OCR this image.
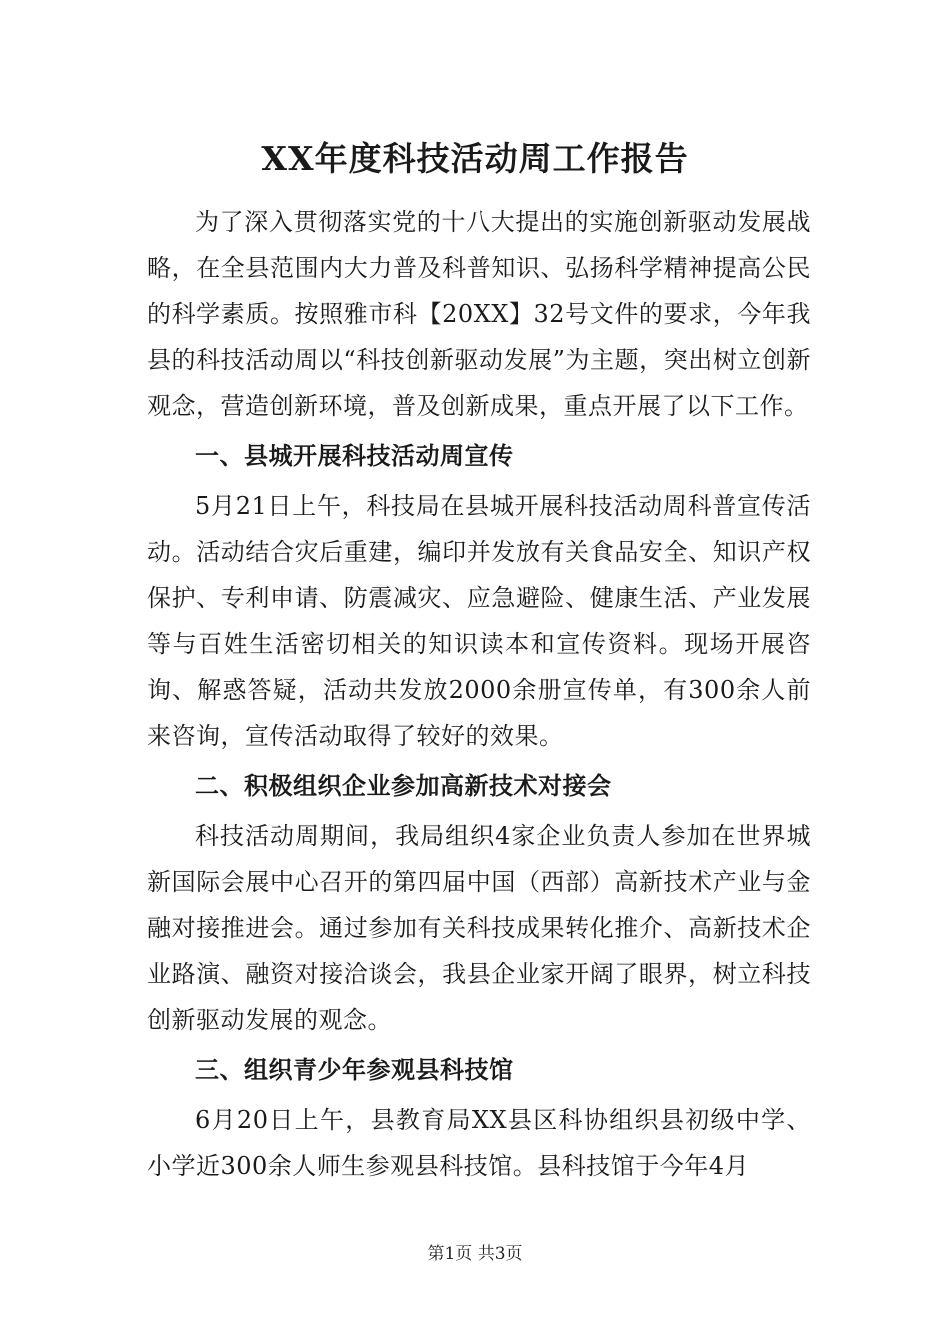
XX年度科技活动周工作报告

为了深入贯彻落实党的十八大提出的实施创新驱动发展战略，在全县范围内大力普及科普知识、弘扬科学精神提高公民的科学素质。按照雅市科【20XX】32号文件的要求，今年我县的科技活动周以“科技创新驱动发展”为主题，突出树立创新观念，营造创新环境，普及创新成果，重点开展了以下工作。

一、县城开展科技活动周宣传

5月21日上午，科技局在县城开展科技活动周科普宣传活动。活动结合灾后重建，编印并发放有关食品安全、知识产权保护、专利申请、防震减灾、应急避险、健康生活、产业发展等与百姓生活密切相关的知识读本和宣传资料。现场开展咨询、解惑答疑，活动共发放2000余册宣传单，有300余人前来咨询，宣传活动取得了较好的效果。

二、积极组织企业参加高新技术对接会

科技活动周期间，我局组织4家企业负责人参加在世界城新国际会展中心召开的第四届中国（西部）高新技术产业与金融对接推进会。通过参加有关科技成果转化推介、高新技术企业路演、融资对接洽谈会，我县企业家开阔了眼界，树立科技创新驱动发展的观念。

三、组织青少年参观县科技馆

6月20日上午，县教育局XX县区科协组织县初级中学、小学近300余人师生参观县科技馆。县科技馆于今年4月

第1页 共3页
